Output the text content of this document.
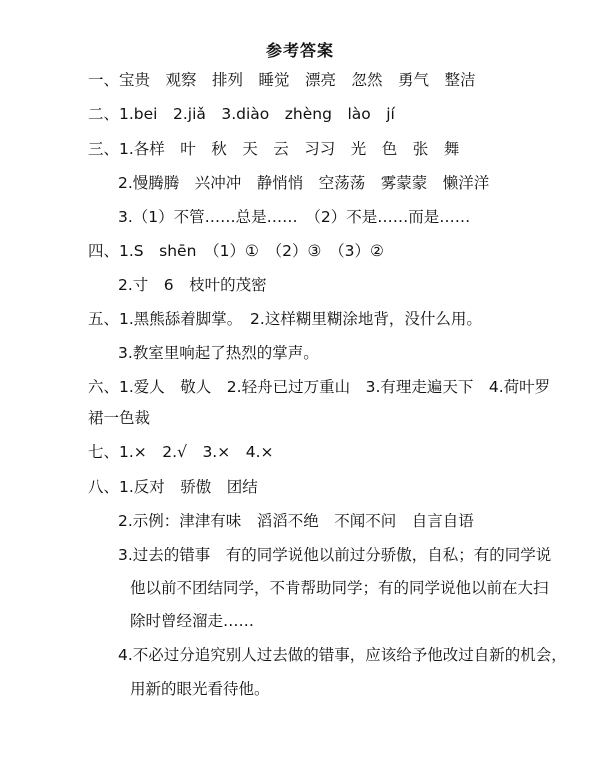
参考答案
一、宝贵　观察　排列　睡觉　漂亮　忽然　勇气　整洁
二、1.bei　2.jiǎ　3.diào　zhèng　lào　jí
三、1.各样　叶　秋　天　云　习习　光　色　张　舞
2.慢腾腾　兴冲冲　静悄悄　空荡荡　雾蒙蒙　懒洋洋
3.（1）不管……总是……　（2）不是……而是……
四、1.S　shēn　（1）①　（2）③　（3）②
2.寸　6　枝叶的茂密
五、1.黑熊舔着脚掌。　2.这样糊里糊涂地背，没什么用。
3.教室里响起了热烈的掌声。
六、1.爱人　敬人　2.轻舟已过万重山　3.有理走遍天下　4.荷叶罗
裙一色裁
七、1.×　2.√　3.×　4.×
八、1.反对　骄傲　团结
2.示例：津津有味　滔滔不绝　不闻不问　自言自语
3.过去的错事　有的同学说他以前过分骄傲，自私；有的同学说
他以前不团结同学，不肯帮助同学；有的同学说他以前在大扫
除时曾经溜走……
4.不必过分追究别人过去做的错事，应该给予他改过自新的机会，
用新的眼光看待他。
